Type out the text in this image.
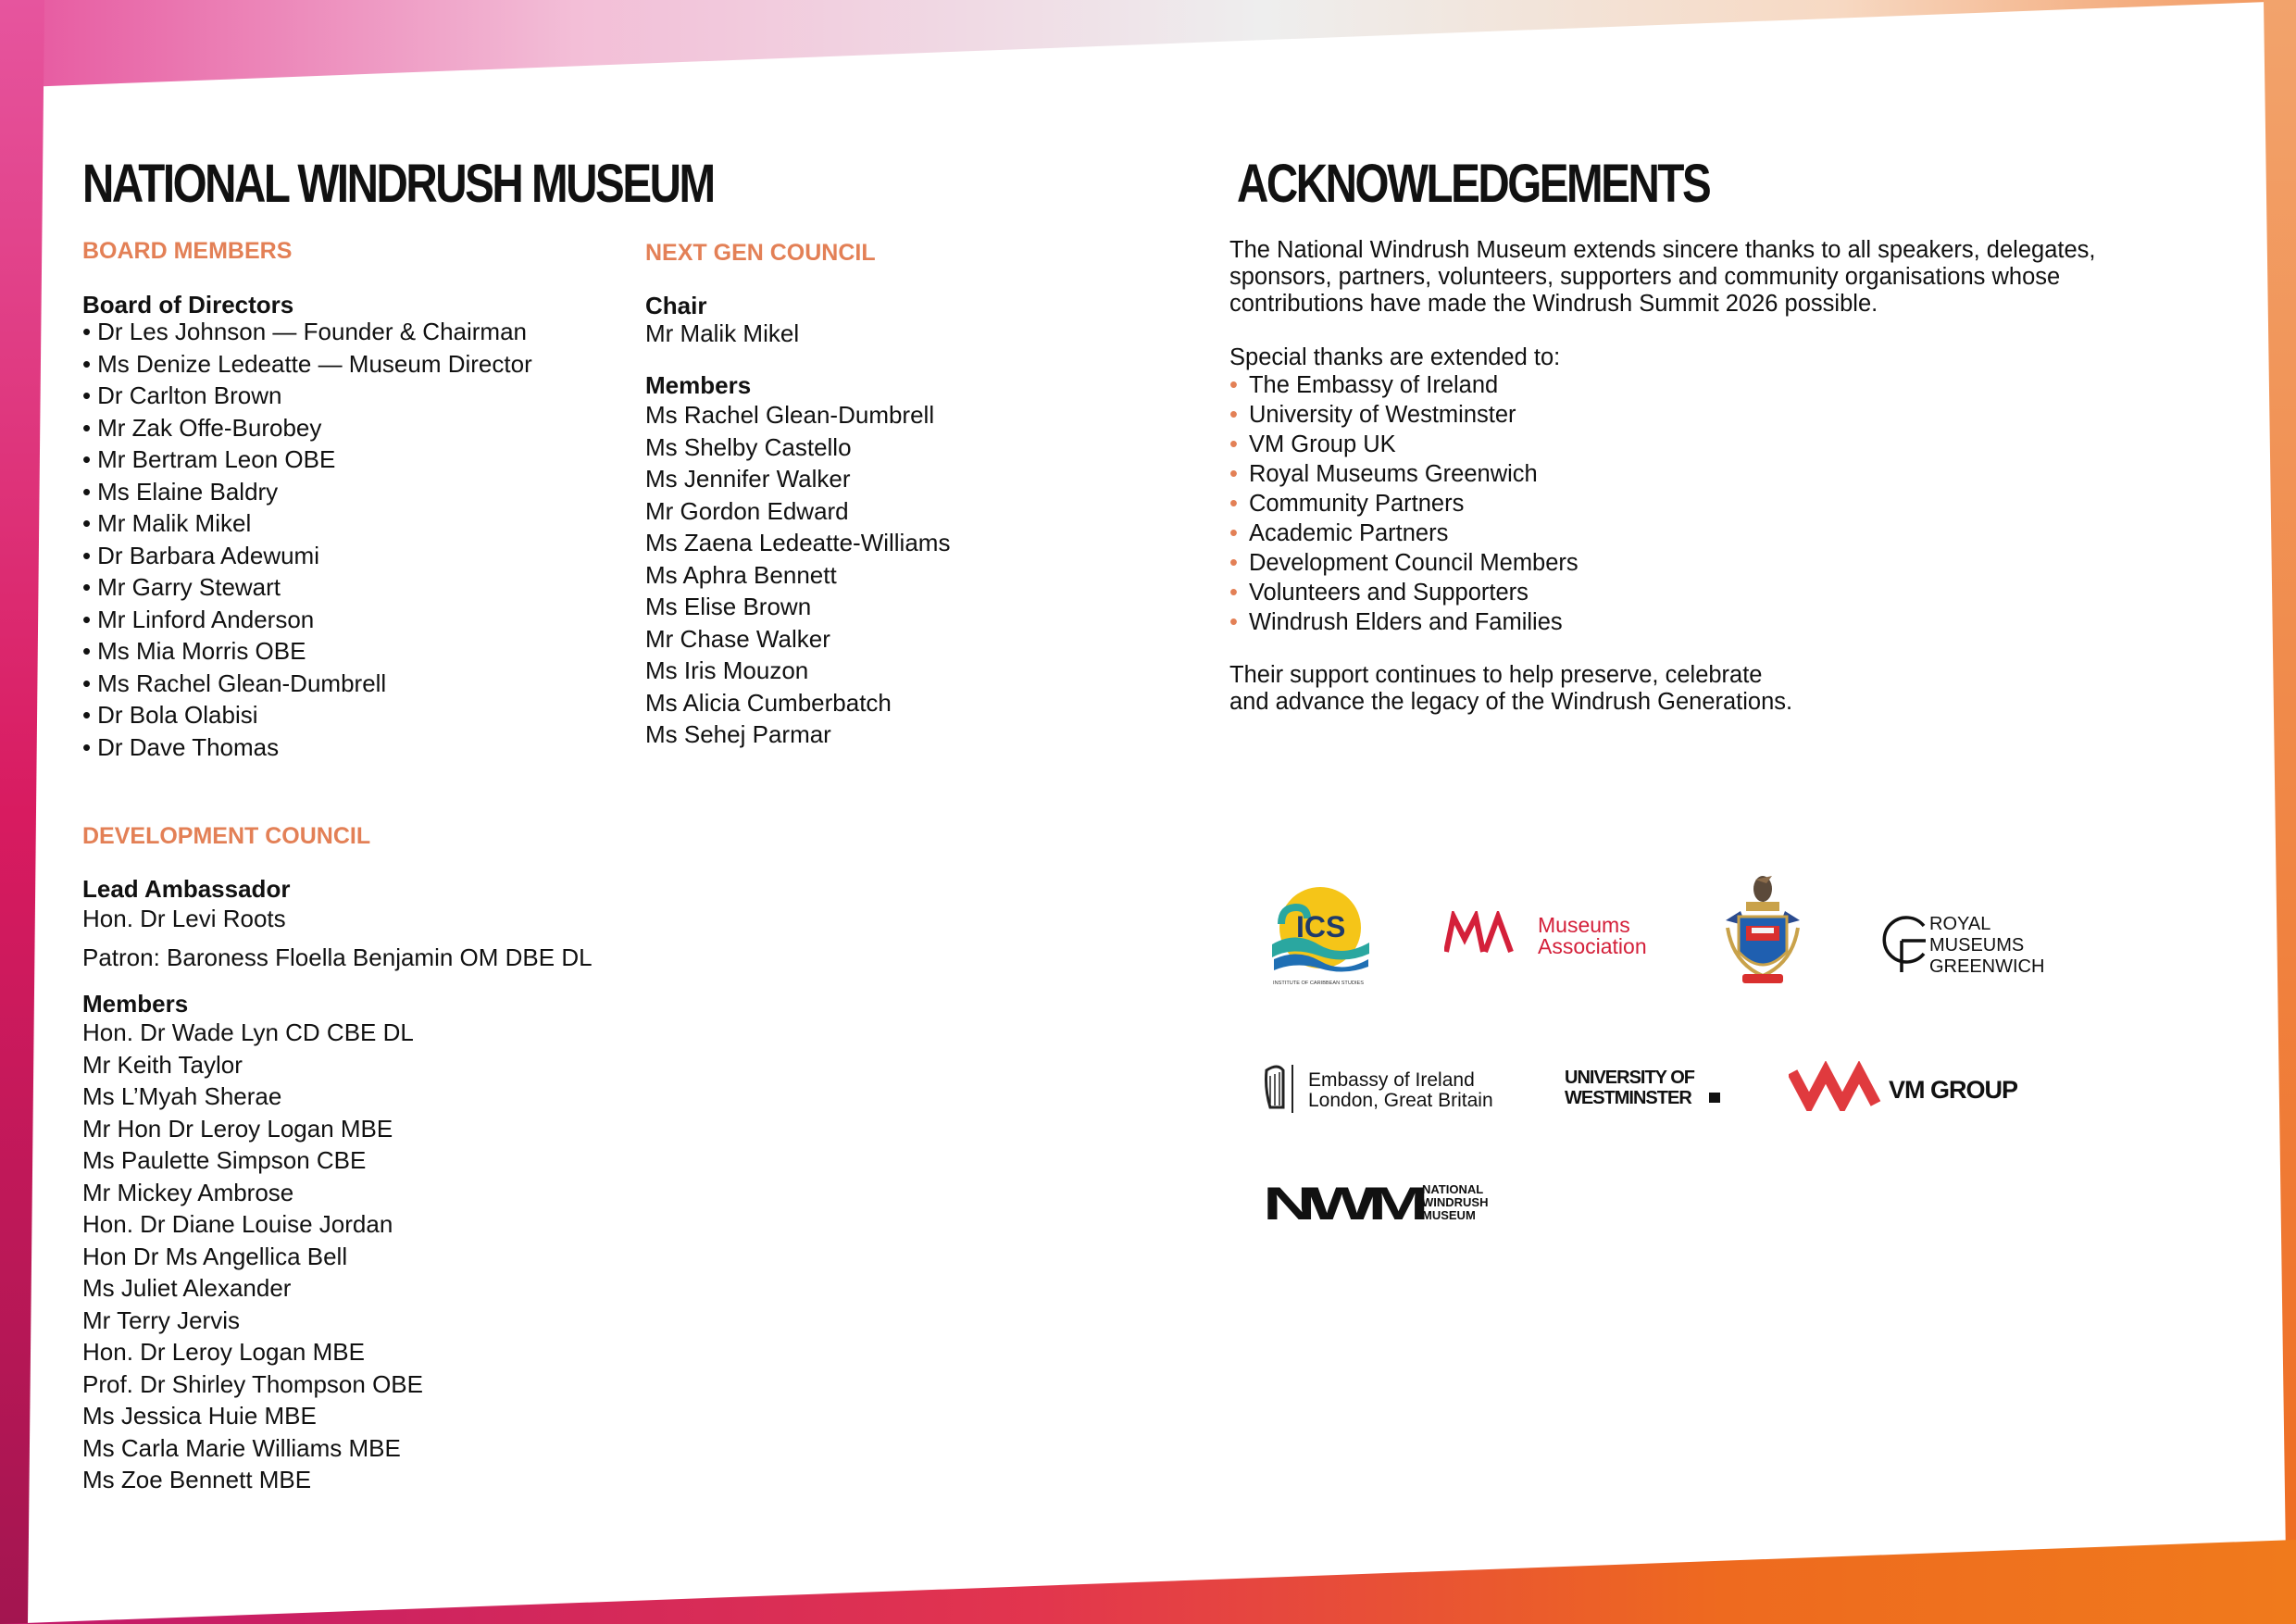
NATIONAL WINDRUSH MUSEUM
BOARD MEMBERS
Board of Directors
• Dr Les Johnson — Founder & Chairman
• Ms Denize Ledeatte — Museum Director
• Dr Carlton Brown
• Mr Zak Offe-Burobey
• Mr Bertram Leon OBE
• Ms Elaine Baldry
• Mr Malik Mikel
• Dr Barbara Adewumi
• Mr Garry Stewart
• Mr Linford Anderson
• Ms Mia Morris OBE
• Ms Rachel Glean-Dumbrell
• Dr Bola Olabisi
• Dr Dave Thomas
DEVELOPMENT COUNCIL
Lead Ambassador
Hon. Dr Levi Roots
Patron: Baroness Floella Benjamin OM DBE DL
Members
Hon. Dr Wade Lyn CD CBE DL
Mr Keith Taylor
Ms L’Myah Sherae
Mr Hon Dr Leroy Logan MBE
Ms Paulette Simpson CBE
Mr Mickey Ambrose
Hon. Dr Diane Louise Jordan
Hon Dr Ms Angellica Bell
Ms Juliet Alexander
Mr Terry Jervis
Hon. Dr Leroy Logan MBE
Prof. Dr Shirley Thompson OBE
Ms Jessica Huie MBE
Ms Carla Marie Williams MBE
Ms Zoe Bennett MBE
NEXT GEN COUNCIL
Chair
Mr Malik Mikel
Members
Ms Rachel Glean-Dumbrell
Ms Shelby Castello
Ms Jennifer Walker
Mr Gordon Edward
Ms Zaena Ledeatte-Williams
Ms Aphra Bennett
Ms Elise Brown
Mr Chase Walker
Ms Iris Mouzon
Ms Alicia Cumberbatch
Ms Sehej Parmar
ACKNOWLEDGEMENTS
The National Windrush Museum extends sincere thanks to all speakers, delegates, sponsors, partners, volunteers, supporters and community organisations whose contributions have made the Windrush Summit 2026 possible.
Special thanks are extended to:
• The Embassy of Ireland
• University of Westminster
• VM Group UK
• Royal Museums Greenwich
• Community Partners
• Academic Partners
• Development Council Members
• Volunteers and Supporters
• Windrush Elders and Families
Their support continues to help preserve, celebrate
and advance the legacy of the Windrush Generations.
ICS
INSTITUTE OF CARIBBEAN STUDIES
Museums
Association
ROYAL
MUSEUMS
GREENWICH
Embassy of Ireland
London, Great Britain
UNIVERSITY OF
WESTMINSTER	VM GROUP
NWM
NATIONAL
WINDRUSH
MUSEUM
